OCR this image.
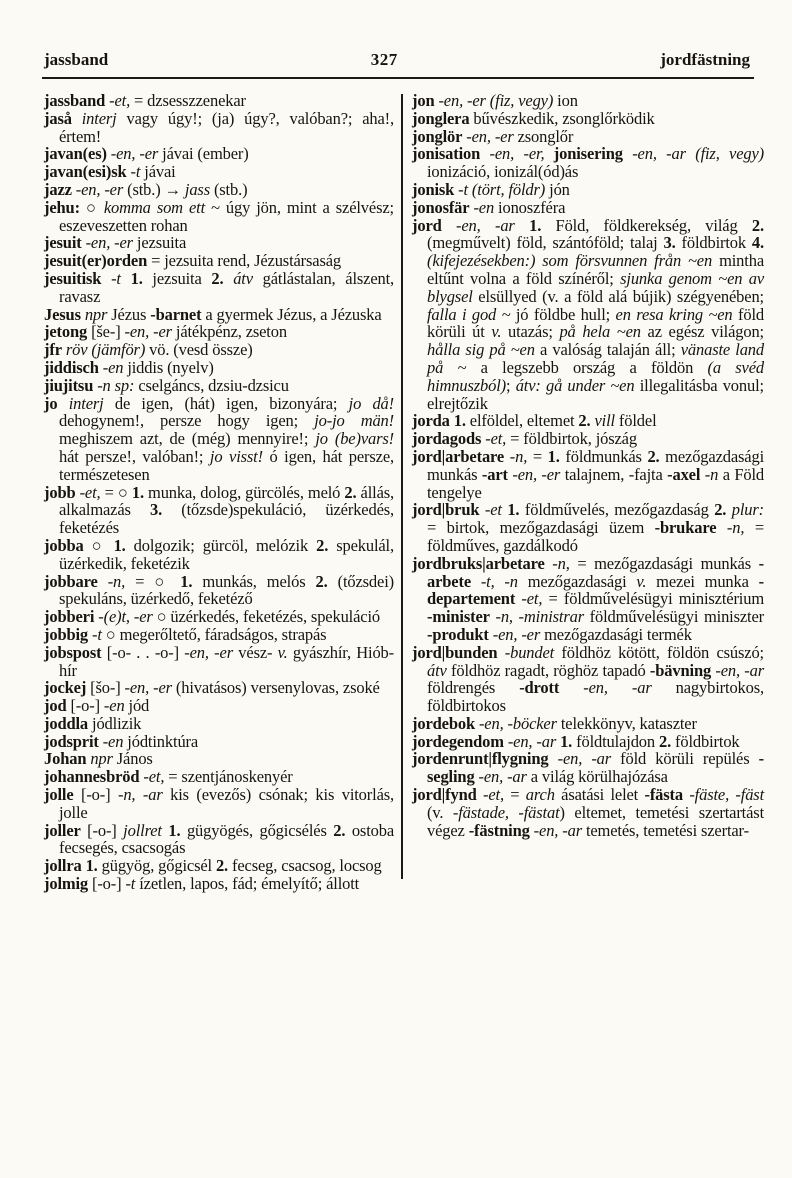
jassband	327	jordfästning

jassband -et, = dzsesszzenekar

jaså interj vagy úgy!; (ja) úgy?, valóban?; aha!, értem!

javan(es) -en, -er jávai (ember)

javan(esi)sk -t jávai

jazz -en, -er (stb.) → jass (stb.)

jehu: ○ komma som ett ~ úgy jön, mint a szélvész; eszeveszetten rohan

jesuit -en, -er jezsuita

jesuit(er)orden = jezsuita rend, Jézustársaság

jesuitisk -t 1. jezsuita 2. átv gátlástalan, álszent, ravasz

Jesus npr Jézus -barnet a gyermek Jézus, a Jézuska

jetong [še-] -en, -er játékpénz, zseton

jfr röv (jämför) vö. (vesd össze)

jiddisch -en jiddis (nyelv)

jiujitsu -n sp: cselgáncs, dzsiu-dzsicu

jo interj de igen, (hát) igen, bizonyára; jo då! dehogynem!, persze hogy igen; jo-jo män! meghiszem azt, de (még) mennyire!; jo (be)vars! hát persze!, valóban!; jo visst! ó igen, hát persze, természetesen

jobb -et, = ○ 1. munka, dolog, gürcölés, meló 2. állás, alkalmazás 3. (tőzsde)spekuláció, üzérkedés, feketézés

jobba ○ 1. dolgozik; gürcöl, melózik 2. spekulál, üzérkedik, feketézik

jobbare -n, = ○ 1. munkás, melós 2. (tőzsdei) spekuláns, üzérkedő, feketéző

jobberi -(e)t, -er ○ üzérkedés, feketézés, spekuláció

jobbig -t ○ megerőltető, fáradságos, strapás

jobspost [-o- . . -o-] -en, -er vész- v. gyászhír, Hiób-hír

jockej [šo-] -en, -er (hivatásos) versenylovas, zsoké

jod [-o-] -en jód

joddla jódlizik

jodsprit -en jódtinktúra

Johan npr János

johannesbröd -et, = szentjánoskenyér

jolle [-o-] -n, -ar kis (evezős) csónak; kis vitorlás, jolle

joller [-o-] jollret 1. gügyögés, gőgicsélés 2. ostoba fecsegés, csacsogás

jollra 1. gügyög, gőgicsél 2. fecseg, csacsog, locsog

jolmig [-o-] -t ízetlen, lapos, fád; émelyítő; állott

jon -en, -er (fiz, vegy) ion

jonglera bűvészkedik, zsonglőrködik

jonglör -en, -er zsonglőr

jonisation -en, -er, jonisering -en, -ar (fiz, vegy) ionizáció, ionizál(ód)ás

jonisk -t (tört, földr) jón

jonosfär -en ionoszféra

jord -en, -ar 1. Föld, földkerekség, világ 2. (megművelt) föld, szántóföld; talaj 3. földbirtok 4. (kifejezésekben:) som försvunnen från ~en mintha eltűnt volna a föld színéről; sjunka genom ~en av blygsel elsüllyed (v. a föld alá bújik) szégyenében; falla i god ~ jó földbe hull; en resa kring ~en föld körüli út v. utazás; på hela ~en az egész világon; hålla sig på ~en a valóság talaján áll; vänaste land på ~ a legszebb ország a földön (a svéd himnuszból); átv: gå under ~en illegalitásba vonul; elrejtőzik

jorda 1. elföldel, eltemet 2. vill földel

jordagods -et, = földbirtok, jószág

jord|arbetare -n, = 1. földmunkás 2. mezőgazdasági munkás -art -en, -er talajnem, -fajta -axel -n a Föld tengelye

jord|bruk -et 1. földművelés, mezőgazdaság 2. plur: = birtok, mezőgazdasági üzem -brukare -n, = földműves, gazdálkodó

jordbruks|arbetare -n, = mezőgazdasági munkás -arbete -t, -n mezőgazdasági v. mezei munka -departement -et, = földművelésügyi minisztérium -minister -n, -ministrar földművelésügyi miniszter -produkt -en, -er mezőgazdasági termék

jord|bunden -bundet földhöz kötött, földön csúszó; átv földhöz ragadt, röghöz tapadó -bävning -en, -ar földrengés -drott -en, -ar nagybirtokos, földbirtokos

jordebok -en, -böcker telekkönyv, kataszter

jordegendom -en, -ar 1. földtulajdon 2. földbirtok

jordenrunt|flygning -en, -ar föld körüli repülés -segling -en, -ar a világ körülhajózása

jord|fynd -et, = arch ásatási lelet -fästa -fäste, -fäst (v. -fästade, -fästat) eltemet, temetési szertartást végez -fästning -en, -ar temetés, temetési szertar-
